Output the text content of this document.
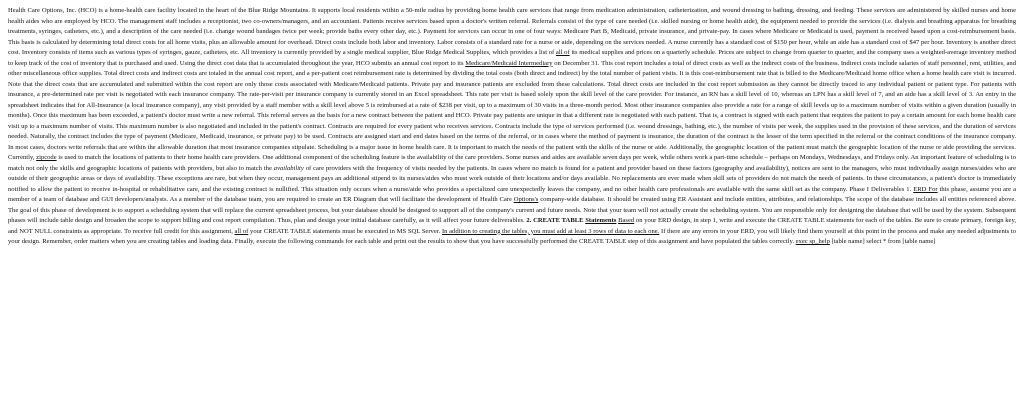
Health Care Options, Inc. (HCO) is a home-health care facility located in the heart of the Blue Ridge Mountains. It supports local residents within a 50-mile radius by providing home health care services that range from medication administration, catheterization, and wound dressing to bathing, dressing, and feeding. These services are administered by skilled nurses and home health aides who are employed by HCO. The management staff includes a receptionist, two co-owners/managers, and an accountant. Patients receive services based upon a doctor's written referral. Referrals consist of the type of care needed (i.e. skilled nursing or home health aide), the equipment needed to provide the services (i.e. dialysis and breathing apparatus for breathing treatments, syringes, catheters, etc.), and a description of the care needed (i.e. change wound bandages twice per week; provide baths every other day, etc.). Payment for services can occur in one of four ways: Medicare Part B, Medicaid, private insurance, and private-pay. In cases where Medicare or Medicaid is used, payment is received based upon a cost-reimbursement basis. This basis is calculated by determining total direct costs for all home visits, plus an allowable amount for overhead. Direct costs include both labor and inventory. Labor consists of a standard rate for a nurse or aide, depending on the services needed. A nurse currently has a standard cost of $150 per hour, while an aide has a standard cost of $47 per hour. Inventory is another direct cost. Inventory consists of items such as various types of syringes, gauze, catheters, etc. All inventory is currently provided by a single medical supplier, Blue Ridge Medical Supplies, which provides a list of all of its medical supplies and prices on a quarterly schedule. Prices are subject to change from quarter to quarter, and the company uses a weighted-average inventory method to keep track of the cost of inventory that is purchased and used. Using the direct cost data that is accumulated throughout the year, HCO submits an annual cost report to its Medicare/Medicaid Intermediary on December 31. This cost report includes a total of direct costs as well as the indirect costs of the business. Indirect costs include salaries of staff personnel, rent, utilities, and other miscellaneous office supplies. Total direct costs and indirect costs are totaled in the annual cost report, and a per-patient cost reimbursement rate is determined by dividing the total costs (both direct and indirect) by the total number of patient visits. It is this cost-reimbursement rate that is billed to the Medicare/Medicaid home office when a home health care visit is incurred. Note that the direct costs that are accumulated and submitted within the cost report are only those costs associated with Medicare/Medicaid patients. Private pay and insurance patients are excluded from these calculations. Total direct costs are included in the cost report submission as they cannot be directly traced to any individual patient or patient type. For patients with insurance, a pre-determined rate per visit is negotiated with each insurance company. The rate-per-visit per insurance company is currently stored in an Excel spreadsheet. This rate per visit is based solely upon the skill level of the care provider. For instance, an RN has a skill level of 10, whereas an LPN has a skill level of 7, and an aide has a skill level of 3. An entry in the spreadsheet indicates that for All-Insurance (a local insurance company), any visit provided by a staff member with a skill level above 5 is reimbursed at a rate of $238 per visit, up to a maximum of 30 visits in a three-month period. Most other insurance companies also provide a rate for a range of skill levels up to a maximum number of visits within a given duration (usually in months). Once this maximum has been exceeded, a patient's doctor must write a new referral. This referral serves as the basis for a new contract between the patient and HCO. Private pay patients are unique in that a different rate is negotiated with each patient. That is, a contract is signed with each patient that requires the patient to pay a certain amount for each home health care visit up to a maximum number of visits. This maximum number is also negotiated and included in the patient's contract. Contracts are required for every patient who receives services. Contracts include the type of services performed (i.e. wound dressings, bathing, etc.), the number of visits per week, the supplies used in the provision of these services, and the duration of services needed. Naturally, the contract includes the type of payment (Medicare, Medicaid, insurance, or private pay) to be used. Contracts are assigned start and end dates based on the terms of the referral, or in cases where the method of payment is insurance, the duration of the contract is the lesser of the term specified in the referral or the contract conditions of the insurance company. In most cases, doctors write referrals that are within the allowable duration that most insurance companies stipulate. Scheduling is a major issue in home health care. It is important to match the needs of the patient with the skills of the nurse or aide. Additionally, the geographic location of the patient must match the geographic location of the nurse or aide providing the services. Currently, zipcode is used to match the locations of patients to their home health care providers. One additional component of the scheduling feature is the availability of the care providers. Some nurses and aides are available seven days per week, while others work a part-time schedule – perhaps on Mondays, Wednesdays, and Fridays only. An important feature of scheduling is to match not only the skills and geographic locations of patients with providers, but also to match the availability of care providers with the frequency of visits needed by the patients. In cases where no match is found for a patient and provider based on these factors (geography and availability), notices are sent to the managers, who must individually assign nurses/aides who are outside of their geographic areas or days of availability. These exceptions are rare, but when they occur, management pays an additional stipend to its nurses/aides who must work outside of their locations and/or days available. No replacements are ever made when skill sets of providers do not match the needs of patients. In these circumstances, a patient's doctor is immediately notified to allow the patient to receive in-hospital or rehabilitative care, and the existing contract is nullified. This situation only occurs when a nurse/aide who provides a specialized care unexpectedly leaves the company, and no other health care professionals are available with the same skill set as the company. Phase I Deliverables 1. ERD For this phase, assume you are a member of a team of database and GUI developers/analysts. As a member of the database team, you are required to create an ER Diagram that will facilitate the development of Health Care Options's company-wide database. It should be created using ER Assistant and include entities, attributes, and relationships. The scope of the database includes all entities referenced above. The goal of this phase of development is to support a scheduling system that will replace the current spreadsheet process, but your database should be designed to support all of the company's current and future needs. Note that your team will not actually create the scheduling system. You are responsible only for designing the database that will be used by the system. Subsequent phases will include table design and broaden the scope to support billing and cost report compilation. Thus, plan and design your initial database carefully, as it will affect your future deliverables. 2. CREATE TABLE Statements Based on your ERD design, in step 1, write and execute the CREATE TABLE statements for each of the tables. Be sure to create primary, foreign key, and NOT NULL constraints as appropriate. To receive full credit for this assignment, all of your CREATE TABLE statements must be executed in MS SQL Server. In addition to creating the tables, you must add at least 3 rows of data to each one. If there are any errors in your ERD, you will likely find them yourself at this point in the process and make any needed adjustments to your design. Remember, order matters when you are creating tables and loading data. Finally, execute the following commands for each table and print out the results to show that you have successfully performed the CREATE TABLE step of this assignment and have populated the tables correctly. exec sp_help [table name] select * from [table name]
